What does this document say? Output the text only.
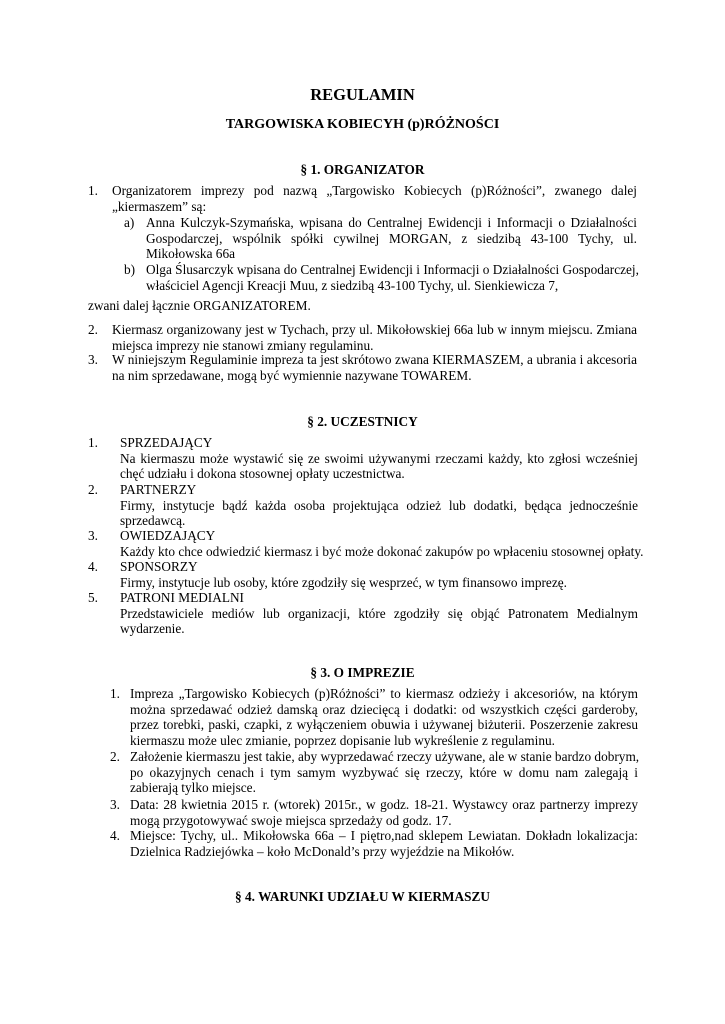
REGULAMIN
TARGOWISKA KOBIECYH (p)RÓŻNOŚCI
§ 1. ORGANIZATOR
1. Organizatorem imprezy pod nazwą „Targowisko Kobiecych (p)Różności”, zwanego dalej
„kiermaszem” są:
a) Anna Kulczyk-Szymańska, wpisana do Centralnej Ewidencji i Informacji o Działalności
Gospodarczej, wspólnik spółki cywilnej MORGAN, z siedzibą 43-100 Tychy, ul.
Mikołowska 66a
b) Olga Ślusarczyk wpisana do Centralnej Ewidencji i Informacji o Działalności Gospodarczej,
właściciel Agencji Kreacji Muu, z siedzibą 43-100 Tychy, ul. Sienkiewicza 7,
zwani dalej łącznie ORGANIZATOREM.
2. Kiermasz organizowany jest w Tychach, przy ul. Mikołowskiej 66a lub w innym miejscu. Zmiana
miejsca imprezy nie stanowi zmiany regulaminu.
3. W niniejszym Regulaminie impreza ta jest skrótowo zwana KIERMASZEM, a ubrania i akcesoria
na nim sprzedawane, mogą być wymiennie nazywane TOWAREM.
§ 2. UCZESTNICY
1. SPRZEDAJĄCY
Na kiermaszu może wystawić się ze swoimi używanymi rzeczami każdy, kto zgłosi wcześniej
chęć udziału i dokona stosownej opłaty uczestnictwa.
2. PARTNERZY
Firmy, instytucje bądź każda osoba projektująca odzież lub dodatki, będąca jednocześnie
sprzedawcą.
3. OWIEDZAJĄCY
Każdy kto chce odwiedzić kiermasz i być może dokonać zakupów po wpłaceniu stosownej opłaty.
4. SPONSORZY
Firmy, instytucje lub osoby, które zgodziły się wesprzeć, w tym finansowo imprezę.
5. PATRONI MEDIALNI
Przedstawiciele mediów lub organizacji, które zgodziły się objąć Patronatem Medialnym
wydarzenie.
§ 3. O IMPREZIE
1. Impreza „Targowisko Kobiecych (p)Różności” to kiermasz odzieży i akcesoriów, na którym
można sprzedawać odzież damską oraz dziecięcą i dodatki: od wszystkich części garderoby,
przez torebki, paski, czapki, z wyłączeniem obuwia i używanej biżuterii. Poszerzenie zakresu
kiermaszu może ulec zmianie, poprzez dopisanie lub wykreślenie z regulaminu.
2. Założenie kiermaszu jest takie, aby wyprzedawać rzeczy używane, ale w stanie bardzo dobrym,
po okazyjnych cenach i tym samym wyzbywać się rzeczy, które w domu nam zalegają i
zabierają tylko miejsce.
3. Data: 28 kwietnia 2015 r. (wtorek) 2015r., w godz. 18-21. Wystawcy oraz partnerzy imprezy
mogą przygotowywać swoje miejsca sprzedaży od godz. 17.
4. Miejsce: Tychy, ul.. Mikołowska 66a – I piętro,nad sklepem Lewiatan. Dokładn lokalizacja:
Dzielnica Radziejówka – koło McDonald’s przy wyjeździe na Mikołów.
§ 4. WARUNKI UDZIAŁU W KIERMASZU
